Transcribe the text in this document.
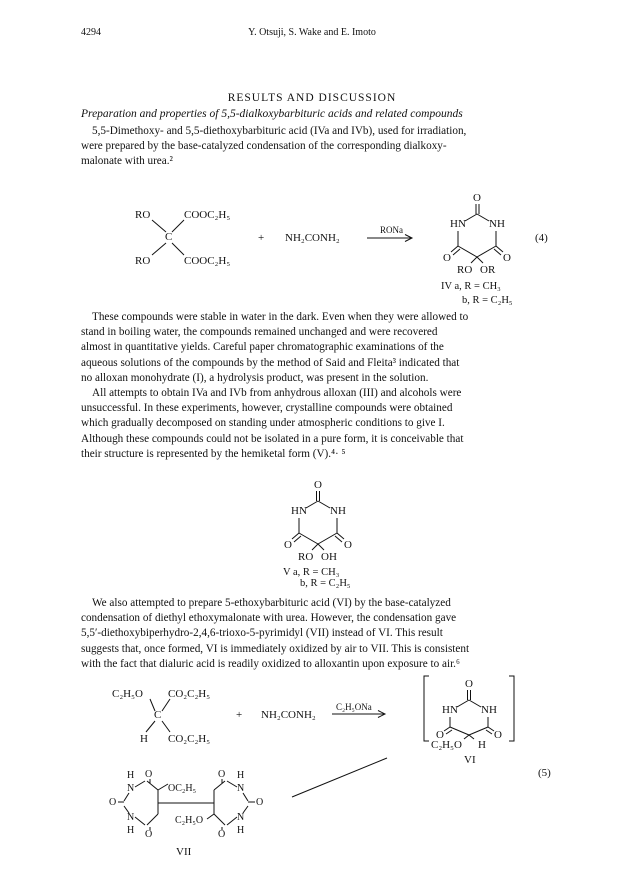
4294	Y. Otsuji, S. Wake and E. Imoto
RESULTS AND DISCUSSION
Preparation and properties of 5,5-dialkoxybarbituric acids and related compounds
5,5-Dimethoxy- and 5,5-diethoxybarbituric acid (IVa and IVb), used for irradiation,
were prepared by the base-catalyzed condensation of the corresponding dialkoxy-
malonate with urea.²
RO	COOC₂H₅
C
RO	COOC₂H₅
+ NH₂CONH₂
RONa
O
HN NH
O	O
RO OR
(4)
IV a, R = CH₃
b, R = C₂H₅
These compounds were stable in water in the dark. Even when they were allowed to
stand in boiling water, the compounds remained unchanged and were recovered
almost in quantitative yields. Careful paper chromatographic examinations of the
aqueous solutions of the compounds by the method of Said and Fleita³ indicated that
no alloxan monohydrate (I), a hydrolysis product, was present in the solution.
All attempts to obtain IVa and IVb from anhydrous alloxan (III) and alcohols were
unsuccessful. In these experiments, however, crystalline compounds were obtained
which gradually decomposed on standing under atmospheric conditions to give I.
Although these compounds could not be isolated in a pure form, it is conceivable that
their structure is represented by the hemiketal form (V).⁴· ⁵
O
HN NH
O	O
RO OH
V a, R = CH₃
b, R = C₂H₅
We also attempted to prepare 5-ethoxybarbituric acid (VI) by the base-catalyzed
condensation of diethyl ethoxymalonate with urea. However, the condensation gave
5,5′-diethoxybiperhydro-2,4,6-trioxo-5-pyrimidyl (VII) instead of VI. This result
suggests that, once formed, VI is immediately oxidized by air to VII. This is consistent
with the fact that dialuric acid is readily oxidized to alloxantin upon exposure to air.⁶
C₂H₅O CO₂C₂H₅
C
H CO₂C₂H₅
+ NH₂CONH₂
C₂H₅ONa
O
HN NH
O	O
C₂H₅O H
VI
(5)
H
N
O
O
N
H O
OC₂H₅
C₂H₅O
O H
N
O
N
H
O
VII
